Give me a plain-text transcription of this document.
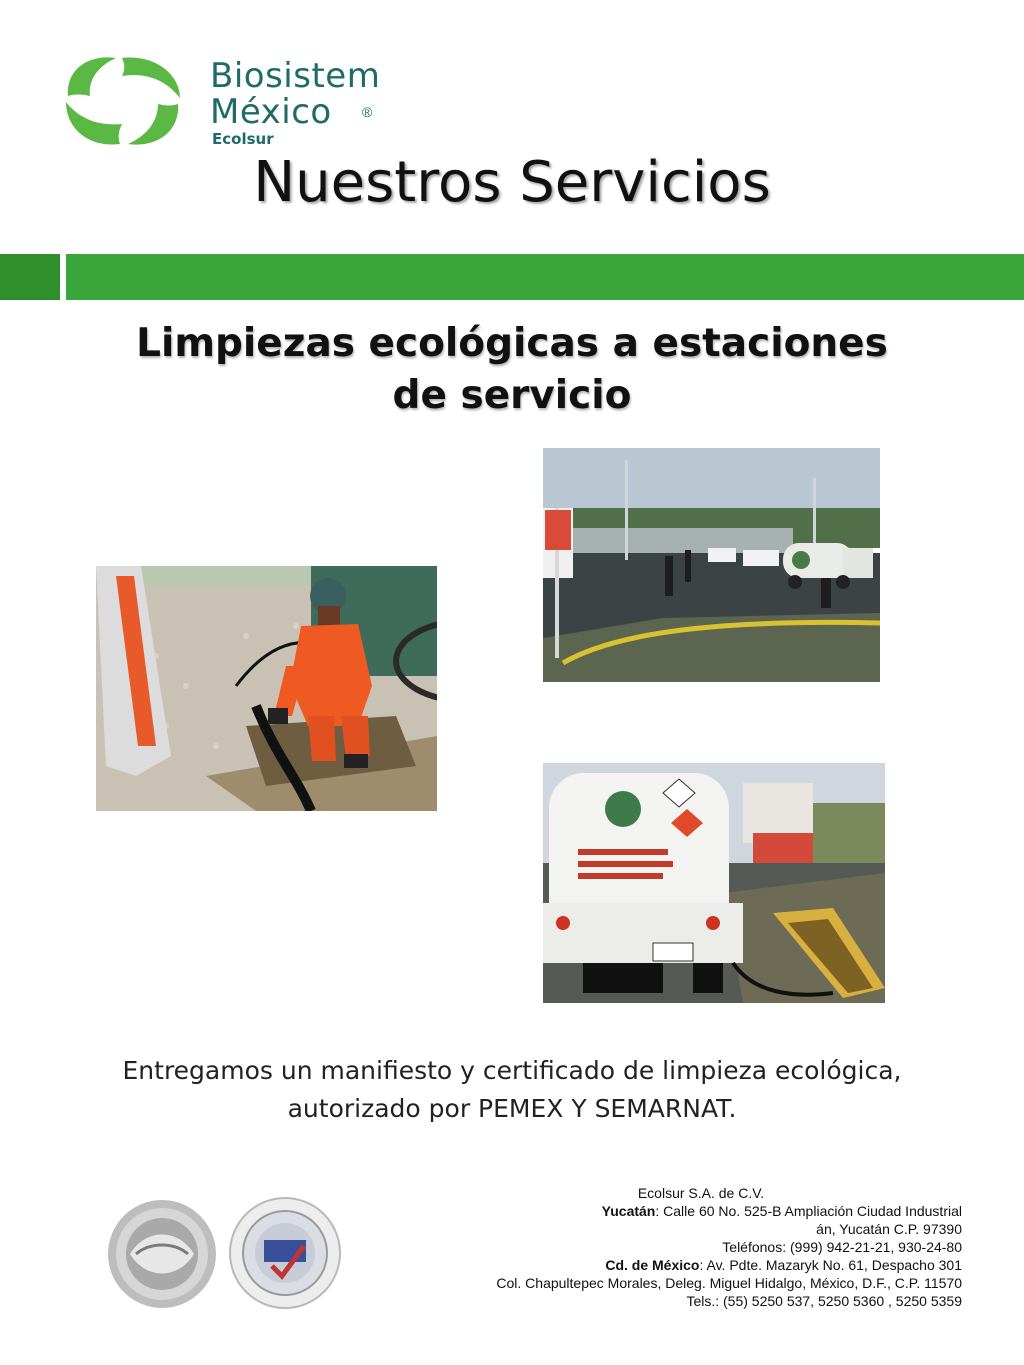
Biosistem
México ®
Ecolsur
Nuestros Servicios
Limpiezas ecológicas a estaciones
de servicio
Entregamos un manifiesto y certificado de limpieza ecológica,
autorizado por PEMEX Y SEMARNAT.
Ecolsur S.A. de C.V.
Yucatán: Calle 60 No. 525-B Ampliación Ciudad Industrial
án, Yucatán C.P. 97390
Teléfonos: (999) 942-21-21, 930-24-80
Cd. de México: Av. Pdte. Mazaryk No. 61, Despacho 301
Col. Chapultepec Morales, Deleg. Miguel Hidalgo, México, D.F., C.P. 11570
Tels.: (55) 5250 537, 5250 5360 , 5250 5359
